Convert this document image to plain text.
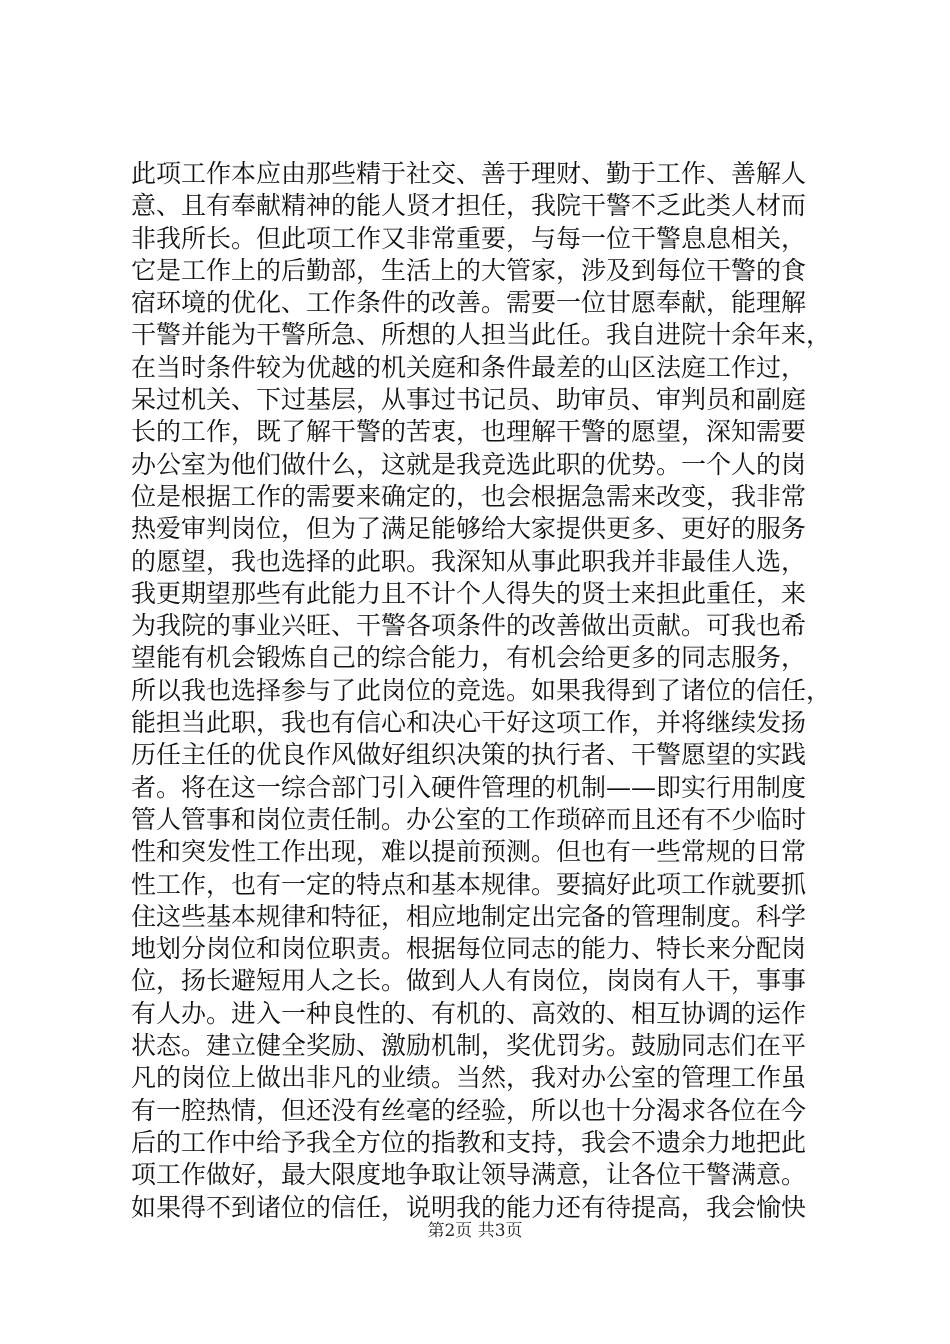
此项工作本应由那些精于社交、善于理财、勤于工作、善解人
意、且有奉献精神的能人贤才担任，我院干警不乏此类人材而
非我所长。但此项工作又非常重要，与每一位干警息息相关，
它是工作上的后勤部，生活上的大管家，涉及到每位干警的食
宿环境的优化、工作条件的改善。需要一位甘愿奉献，能理解
干警并能为干警所急、所想的人担当此任。我自进院十余年来，
在当时条件较为优越的机关庭和条件最差的山区法庭工作过，
呆过机关、下过基层，从事过书记员、助审员、审判员和副庭
长的工作，既了解干警的苦衷，也理解干警的愿望，深知需要
办公室为他们做什么，这就是我竞选此职的优势。一个人的岗
位是根据工作的需要来确定的，也会根据急需来改变，我非常
热爱审判岗位，但为了满足能够给大家提供更多、更好的服务
的愿望，我也选择的此职。我深知从事此职我并非最佳人选，
我更期望那些有此能力且不计个人得失的贤士来担此重任，来
为我院的事业兴旺、干警各项条件的改善做出贡献。可我也希
望能有机会锻炼自己的综合能力，有机会给更多的同志服务，
所以我也选择参与了此岗位的竞选。如果我得到了诸位的信任，
能担当此职，我也有信心和决心干好这项工作，并将继续发扬
历任主任的优良作风做好组织决策的执行者、干警愿望的实践
者。将在这一综合部门引入硬件管理的机制——即实行用制度
管人管事和岗位责任制。办公室的工作琐碎而且还有不少临时
性和突发性工作出现，难以提前预测。但也有一些常规的日常
性工作，也有一定的特点和基本规律。要搞好此项工作就要抓
住这些基本规律和特征，相应地制定出完备的管理制度。科学
地划分岗位和岗位职责。根据每位同志的能力、特长来分配岗
位，扬长避短用人之长。做到人人有岗位，岗岗有人干，事事
有人办。进入一种良性的、有机的、高效的、相互协调的运作
状态。建立健全奖励、激励机制，奖优罚劣。鼓励同志们在平
凡的岗位上做出非凡的业绩。当然，我对办公室的管理工作虽
有一腔热情，但还没有丝毫的经验，所以也十分渴求各位在今
后的工作中给予我全方位的指教和支持，我会不遗余力地把此
项工作做好，最大限度地争取让领导满意，让各位干警满意。
如果得不到诸位的信任，说明我的能力还有待提高，我会愉快
第2页 共3页
